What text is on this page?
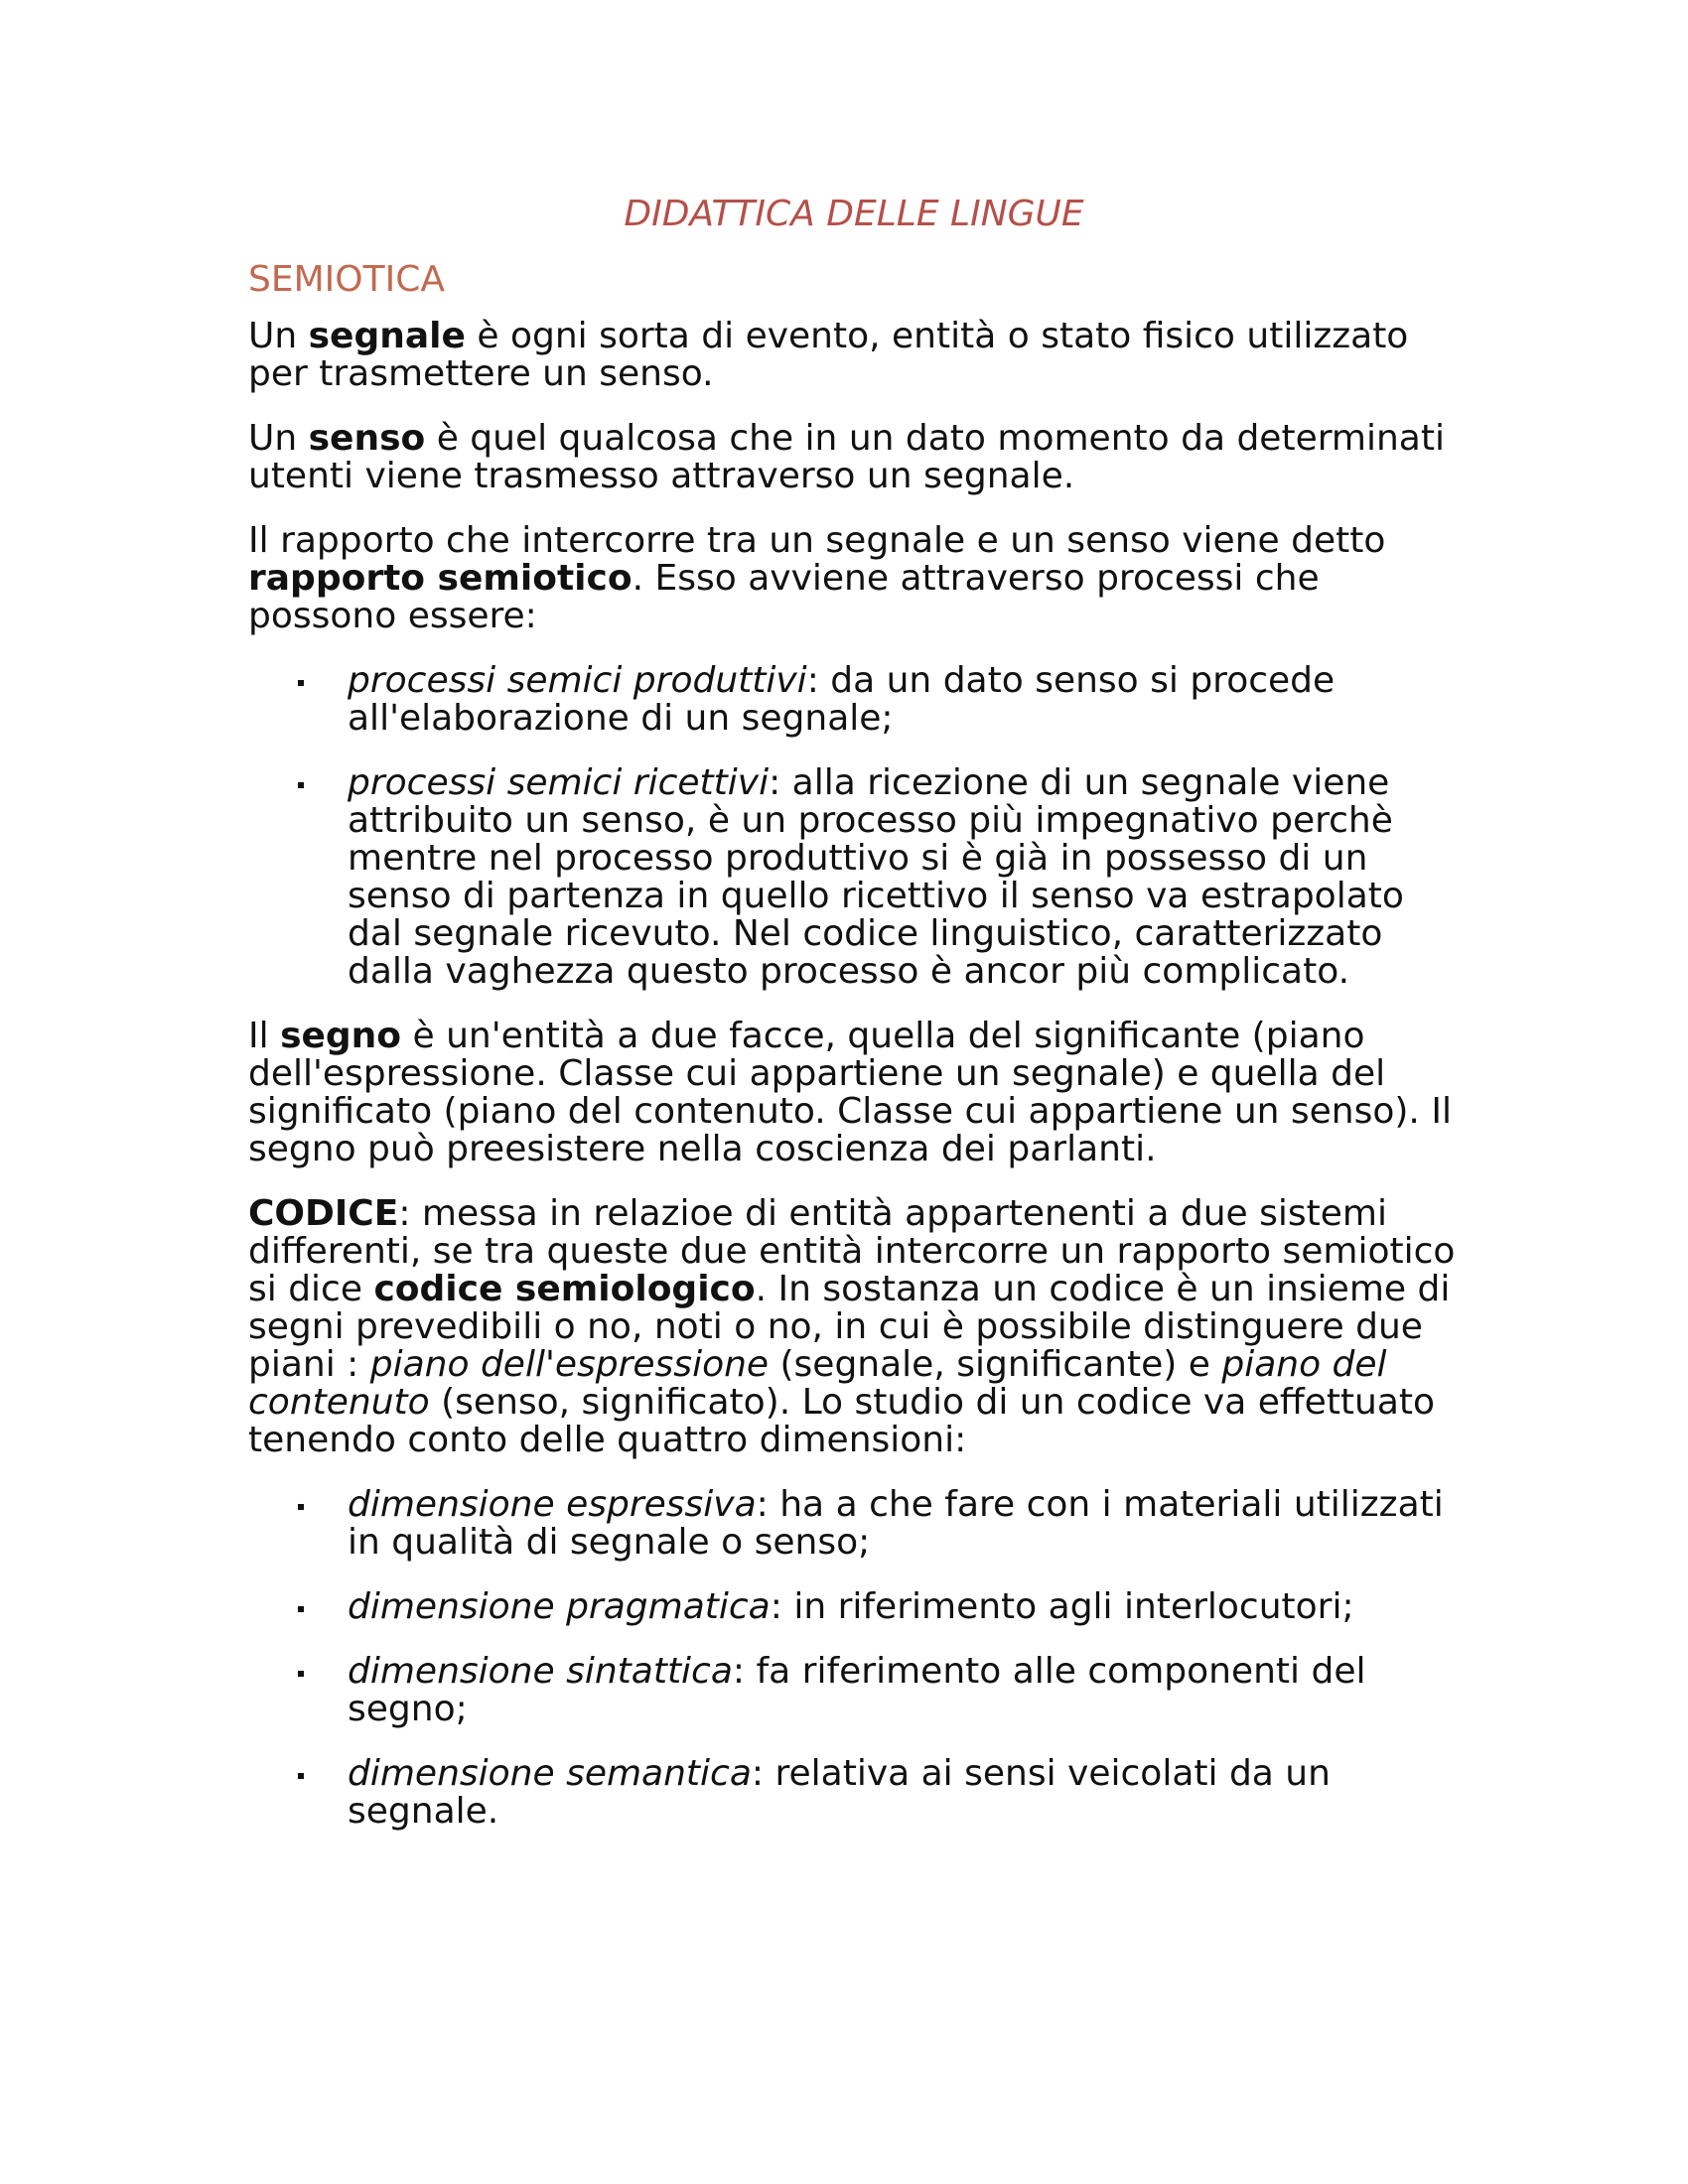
DIDATTICA DELLE LINGUE
SEMIOTICA

Un segnale è ogni sorta di evento, entità o stato fisico utilizzato per trasmettere un senso.

Un senso è quel qualcosa che in un dato momento da determinati utenti viene trasmesso attraverso un segnale.

Il rapporto che intercorre tra un segnale e un senso viene detto rapporto semiotico. Esso avviene attraverso processi che possono essere:

processi semici produttivi: da un dato senso si procede all'elaborazione di un segnale;
processi semici ricettivi: alla ricezione di un segnale viene attribuito un senso, è un processo più impegnativo perchè mentre nel processo produttivo si è già in possesso di un senso di partenza in quello ricettivo il senso va estrapolato dal segnale ricevuto. Nel codice linguistico, caratterizzato dalla vaghezza questo processo è ancor più complicato.

Il segno è un'entità a due facce, quella del significante (piano dell'espressione. Classe cui appartiene un segnale) e quella del significato (piano del contenuto. Classe cui appartiene un senso). Il segno può preesistere nella coscienza dei parlanti.

CODICE: messa in relazioe di entità appartenenti a due sistemi differenti, se tra queste due entità intercorre un rapporto semiotico si dice codice semiologico. In sostanza un codice è un insieme di segni prevedibili o no, noti o no, in cui è possibile distinguere due piani : piano dell'espressione (segnale, significante) e piano del contenuto (senso, significato). Lo studio di un codice va effettuato tenendo conto delle quattro dimensioni:

dimensione espressiva: ha a che fare con i materiali utilizzati in qualità di segnale o senso;
dimensione pragmatica: in riferimento agli interlocutori;
dimensione sintattica: fa riferimento alle componenti del segno;
dimensione semantica: relativa ai sensi veicolati da un segnale.
